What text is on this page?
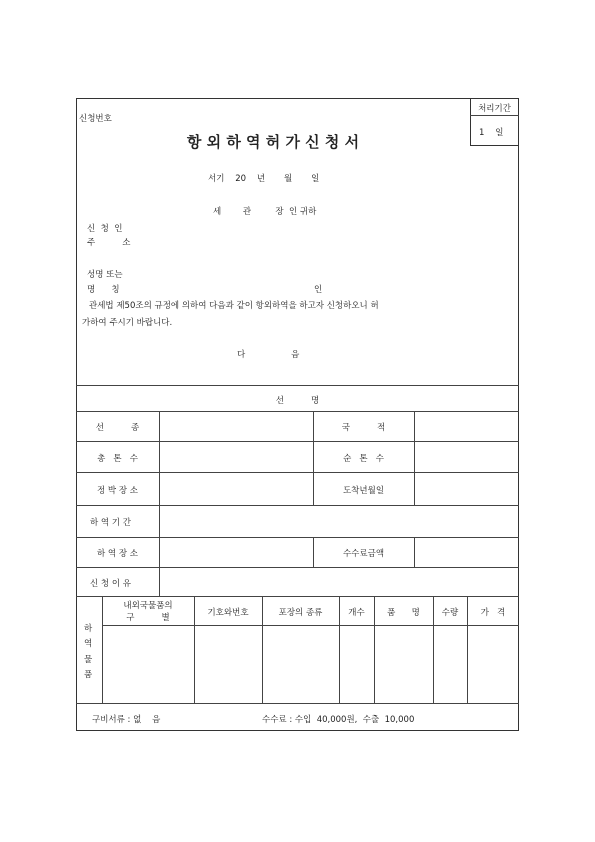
처리기간
1    일
신청번호
항 외 하 역 허 가 신 청 서
서기    20    년       월       일
세        관         장  인 귀하
신  청  인
주          소
성명 또는
명      칭	인
관세법 제50조의 규정에 의하여 다음과 같이 항외하역을 하고자 신청하오니 허
가하여 주시기 바랍니다.
다                 음
선          명
선          종	국          적
총   톤   수	순   톤   수
정 박 장 소	도착년월일
하 역 기 간
하 역 장 소	수수료금액
신 청 이 유
하
역
물
품
내외국물품의
구          별	기호와번호	포장의 종류	개수	품      명	수량	가   격
구비서류 : 없    음	수수료 : 수입  40,000원,  수출  10,000
